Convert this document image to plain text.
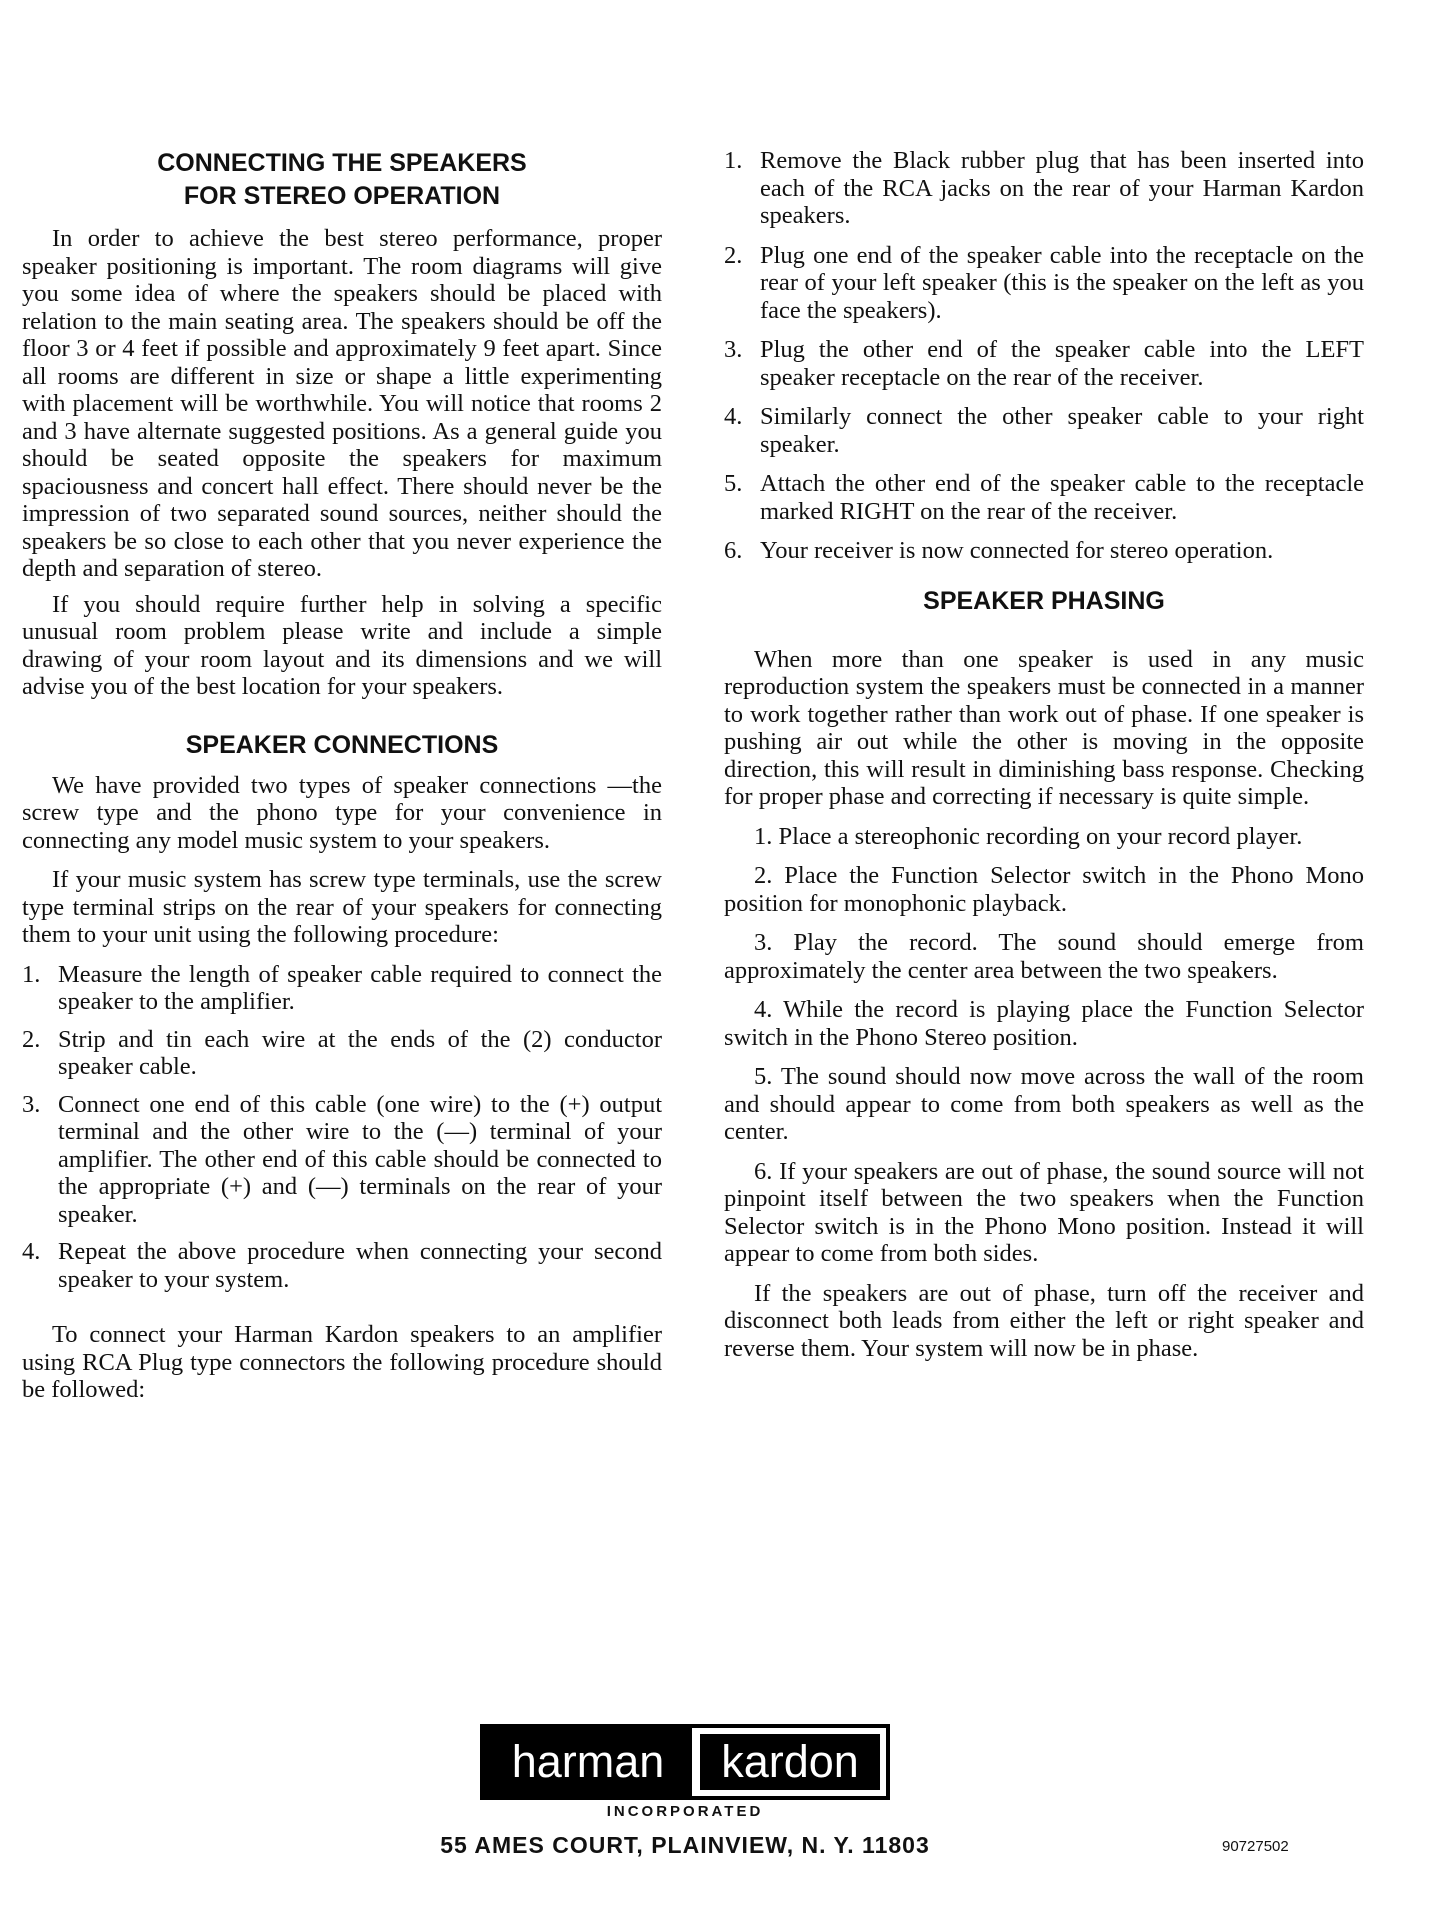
CONNECTING THE SPEAKERS
FOR STEREO OPERATION

In order to achieve the best stereo performance, proper speaker positioning is important. The room diagrams will give you some idea of where the speakers should be placed with relation to the main seating area. The speakers should be off the floor 3 or 4 feet if possible and approximately 9 feet apart. Since all rooms are different in size or shape a little experimenting with placement will be worthwhile. You will notice that rooms 2 and 3 have alternate suggested positions. As a general guide you should be seated opposite the speakers for maximum spaciousness and concert hall effect. There should never be the impression of two separated sound sources, neither should the speakers be so close to each other that you never experience the depth and separation of stereo.

If you should require further help in solving a specific unusual room problem please write and include a simple drawing of your room layout and its dimensions and we will advise you of the best location for your speakers.

SPEAKER CONNECTIONS

We have provided two types of speaker connections —the screw type and the phono type for your convenience in connecting any model music system to your speakers.

If your music system has screw type terminals, use the screw type terminal strips on the rear of your speakers for connecting them to your unit using the following procedure:

1. Measure the length of speaker cable required to connect the speaker to the amplifier.
2. Strip and tin each wire at the ends of the (2) conductor speaker cable.
3. Connect one end of this cable (one wire) to the (+) output terminal and the other wire to the (—) terminal of your amplifier. The other end of this cable should be connected to the appropriate (+) and (—) terminals on the rear of your speaker.
4. Repeat the above procedure when connecting your second speaker to your system.

To connect your Harman Kardon speakers to an amplifier using RCA Plug type connectors the following procedure should be followed:

1. Remove the Black rubber plug that has been inserted into each of the RCA jacks on the rear of your Harman Kardon speakers.
2. Plug one end of the speaker cable into the receptacle on the rear of your left speaker (this is the speaker on the left as you face the speakers).
3. Plug the other end of the speaker cable into the LEFT speaker receptacle on the rear of the receiver.
4. Similarly connect the other speaker cable to your right speaker.
5. Attach the other end of the speaker cable to the receptacle marked RIGHT on the rear of the receiver.
6. Your receiver is now connected for stereo operation.
SPEAKER PHASING

When more than one speaker is used in any music reproduction system the speakers must be connected in a manner to work together rather than work out of phase. If one speaker is pushing air out while the other is moving in the opposite direction, this will result in diminishing bass response. Checking for proper phase and correcting if necessary is quite simple.

1. Place a stereophonic recording on your record player.

2. Place the Function Selector switch in the Phono Mono position for monophonic playback.

3. Play the record. The sound should emerge from approximately the center area between the two speakers.

4. While the record is playing place the Function Selector switch in the Phono Stereo position.

5. The sound should now move across the wall of the room and should appear to come from both speakers as well as the center.

6. If your speakers are out of phase, the sound source will not pinpoint itself between the two speakers when the Function Selector switch is in the Phono Mono position. Instead it will appear to come from both sides.

If the speakers are out of phase, turn off the receiver and disconnect both leads from either the left or right speaker and reverse them. Your system will now be in phase.

harman	kardon
INCORPORATED
55 AMES COURT, PLAINVIEW, N. Y. 11803	90727502
